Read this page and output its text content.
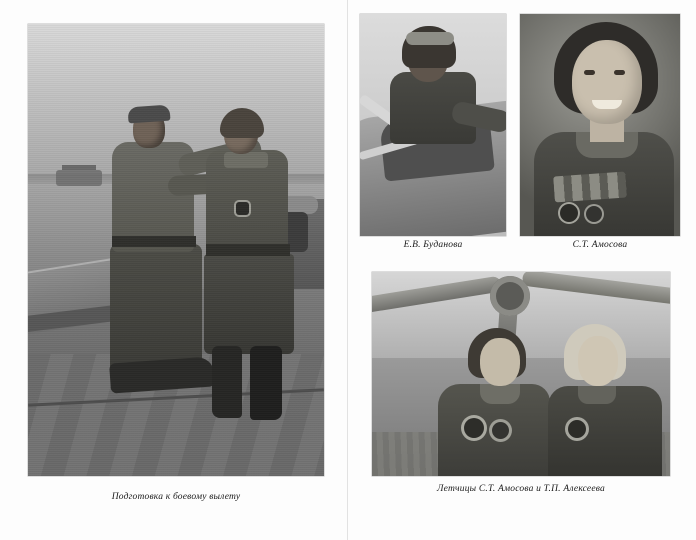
Подготовка к боевому вылету
Е.В. Буданова	С.Т. Амосова
Летчицы С.Т. Амосова и Т.П. Алексеева
